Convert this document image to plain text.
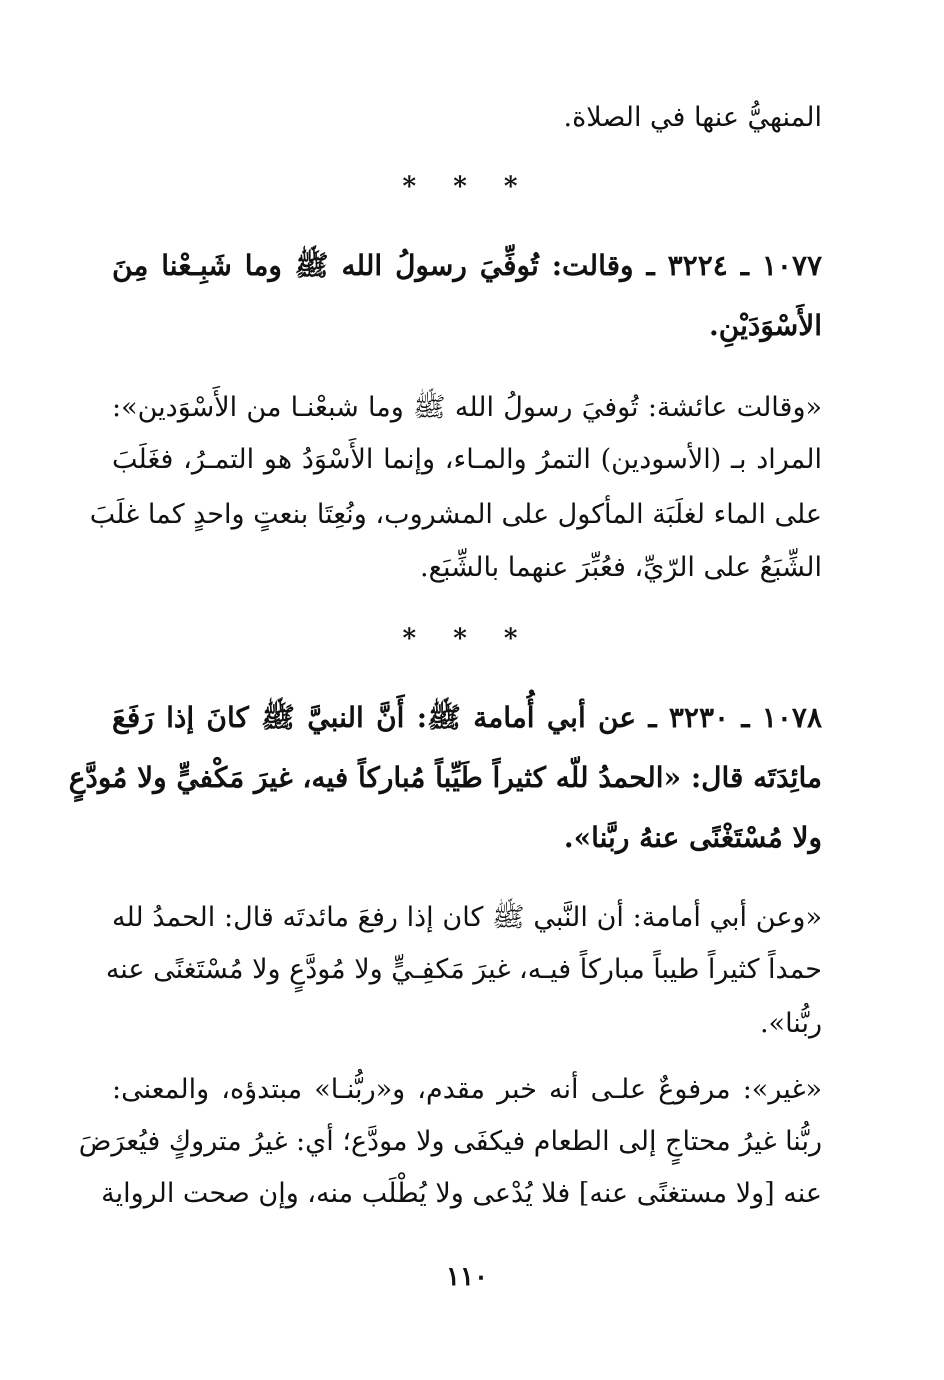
المنهيُّ عنها في الصلاة.
* * *
١٠٧٧ ـ ٣٢٢٤ ـ وقالت: تُوفِّيَ رسولُ الله ﷺ وما شَبِـعْنا مِنَ
الأَسْوَدَيْنِ.
«وقالت عائشة: تُوفيَ رسولُ الله ﷺ وما شبعْنـا من الأَسْوَدين»:
المراد بـ (الأسودين) التمرُ والمـاء، وإنما الأَسْوَدُ هو التمـرُ، فغَلَبَ
على الماء لغلَبَة المأكول على المشروب، ونُعِتَا بنعتٍ واحدٍ كما غلَبَ
الشِّبَعُ على الرّيِّ، فعُبِّرَ عنهما بالشِّبَع.
* * *
١٠٧٨ ـ ٣٢٣٠ ـ عن أبي أُمامة ﷺ: أَنَّ النبيَّ ﷺ كانَ إذا رَفَعَ
مائِدَتَه قال: «الحمدُ للّه كثيراً طَيِّباً مُباركاً فيه، غيرَ مَكْفيٍّ ولا مُودَّعٍ
ولا مُسْتَغْنًى عنهُ ربَّنا».
«وعن أبي أمامة: أن النَّبي ﷺ كان إذا رفعَ مائدتَه قال: الحمدُ لله
حمداً كثيراً طيباً مباركاً فيـه، غيرَ مَكفِـيٍّ ولا مُودَّعٍ ولا مُسْتَغنًى عنه
ربُّنا».
«غير»: مرفوعٌ علـى أنه خبر مقدم، و«ربُّنـا» مبتدؤه، والمعنى:
ربُّنا غيرُ محتاجٍ إلى الطعام فيكفَى ولا مودَّع؛ أي: غيرُ متروكٍ فيُعرَضَ
عنه [ولا مستغنًى عنه] فلا يُدْعى ولا يُطْلَب منه، وإن صحت الرواية
١١٠
